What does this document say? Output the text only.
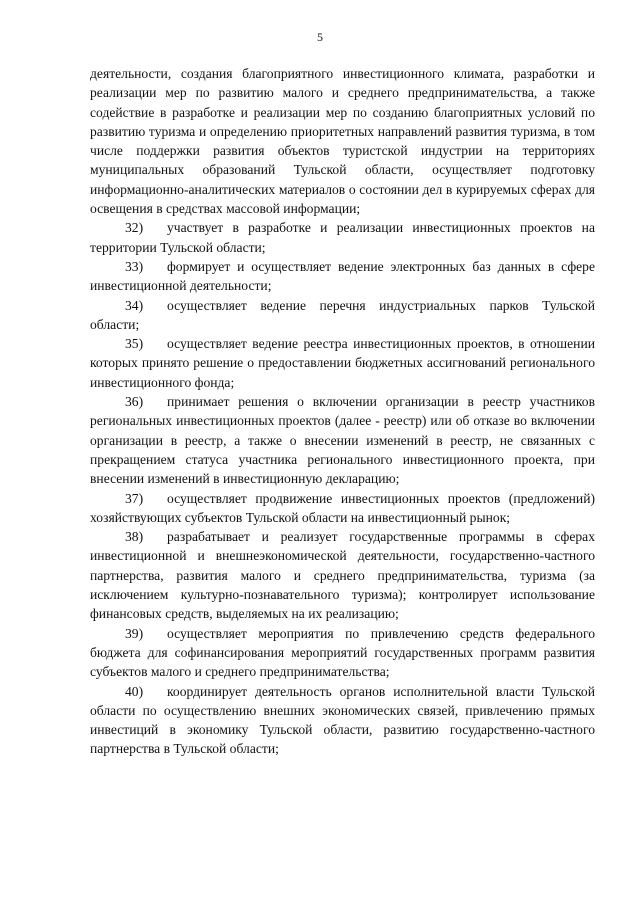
5

деятельности, создания благоприятного инвестиционного климата, разработки и реализации мер по развитию малого и среднего предпринимательства, а также содействие в разработке и реализации мер по созданию благоприятных условий по развитию туризма и определению приоритетных направлений развития туризма, в том числе поддержки развития объектов туристской индустрии на территориях муниципальных образований Тульской области, осуществляет подготовку информационно-аналитических материалов о состоянии дел в курируемых сферах для освещения в средствах массовой информации;

32) участвует в разработке и реализации инвестиционных проектов на территории Тульской области;

33) формирует и осуществляет ведение электронных баз данных в сфере инвестиционной деятельности;

34) осуществляет ведение перечня индустриальных парков Тульской области;

35) осуществляет ведение реестра инвестиционных проектов, в отношении которых принято решение о предоставлении бюджетных ассигнований регионального инвестиционного фонда;

36) принимает решения о включении организации в реестр участников региональных инвестиционных проектов (далее - реестр) или об отказе во включении организации в реестр, а также о внесении изменений в реестр, не связанных с прекращением статуса участника регионального инвестиционного проекта, при внесении изменений в инвестиционную декларацию;

37) осуществляет продвижение инвестиционных проектов (предложений) хозяйствующих субъектов Тульской области на инвестиционный рынок;

38) разрабатывает и реализует государственные программы в сферах инвестиционной и внешнеэкономической деятельности, государственно-частного партнерства, развития малого и среднего предпринимательства, туризма (за исключением культурно-познавательного туризма); контролирует использование финансовых средств, выделяемых на их реализацию;

39) осуществляет мероприятия по привлечению средств федерального бюджета для софинансирования мероприятий государственных программ развития субъектов малого и среднего предпринимательства;

40) координирует деятельность органов исполнительной власти Тульской области по осуществлению внешних экономических связей, привлечению прямых инвестиций в экономику Тульской области, развитию государственно-частного партнерства в Тульской области;
